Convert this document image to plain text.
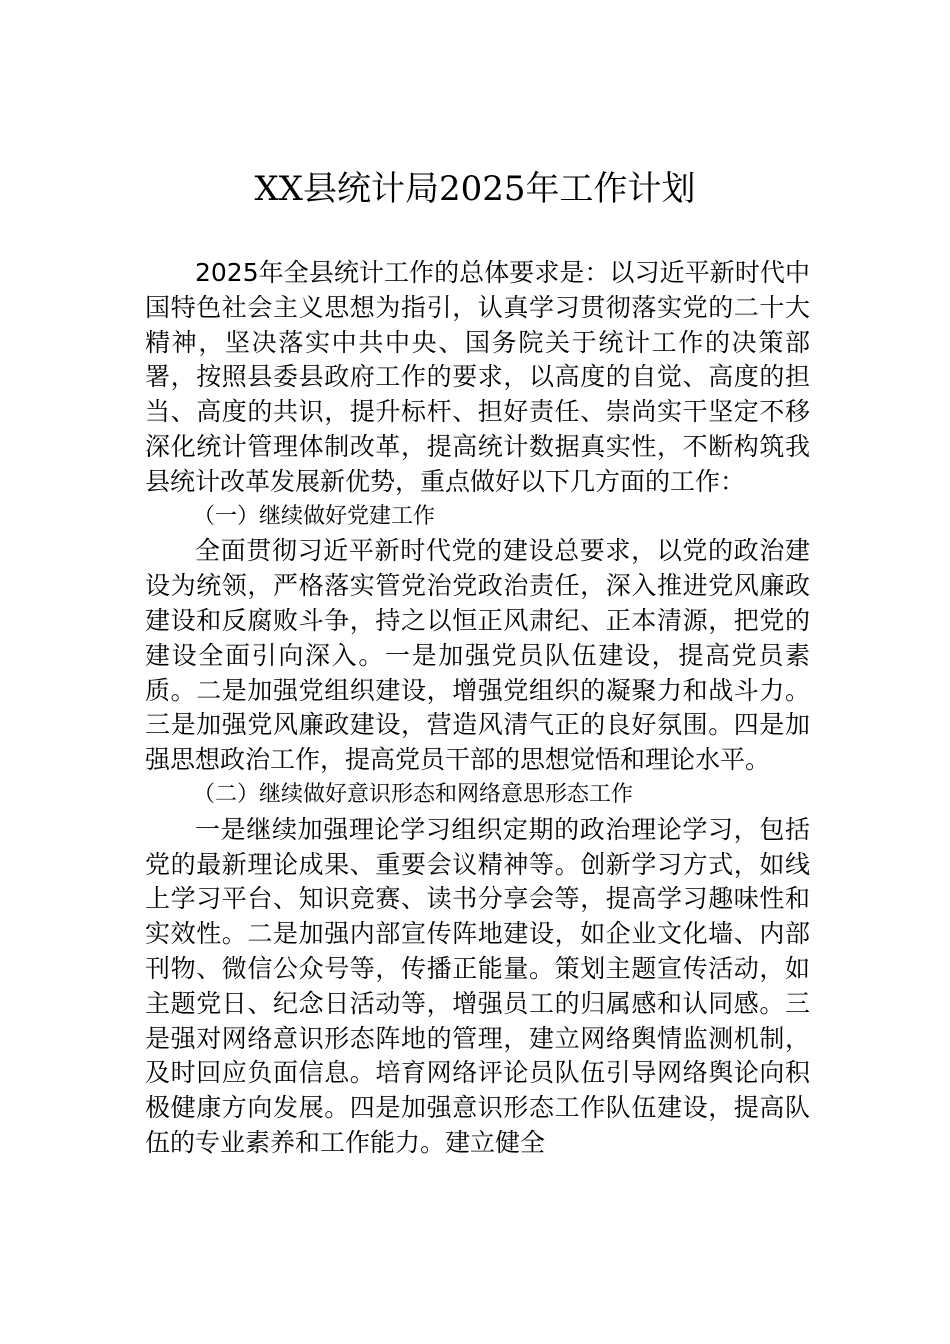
XX县统计局2025年工作计划

2025年全县统计工作的总体要求是：以习近平新时代中国特色社会主义思想为指引，认真学习贯彻落实党的二十大精神，坚决落实中共中央、国务院关于统计工作的决策部署，按照县委县政府工作的要求，以高度的自觉、高度的担当、高度的共识，提升标杆、担好责任、崇尚实干坚定不移深化统计管理体制改革，提高统计数据真实性，不断构筑我县统计改革发展新优势，重点做好以下几方面的工作：

（一）继续做好党建工作

全面贯彻习近平新时代党的建设总要求，以党的政治建设为统领，严格落实管党治党政治责任，深入推进党风廉政建设和反腐败斗争，持之以恒正风肃纪、正本清源，把党的建设全面引向深入。一是加强党员队伍建设，提高党员素质。二是加强党组织建设，增强党组织的凝聚力和战斗力。三是加强党风廉政建设，营造风清气正的良好氛围。四是加强思想政治工作，提高党员干部的思想觉悟和理论水平。

（二）继续做好意识形态和网络意思形态工作

一是继续加强理论学习组织定期的政治理论学习，包括党的最新理论成果、重要会议精神等。创新学习方式，如线上学习平台、知识竞赛、读书分享会等，提高学习趣味性和实效性。二是加强内部宣传阵地建设，如企业文化墙、内部刊物、微信公众号等，传播正能量。策划主题宣传活动，如主题党日、纪念日活动等，增强员工的归属感和认同感。三是强对网络意识形态阵地的管理，建立网络舆情监测机制，及时回应负面信息。培育网络评论员队伍引导网络舆论向积极健康方向发展。四是加强意识形态工作队伍建设，提高队伍的专业素养和工作能力。建立健全
